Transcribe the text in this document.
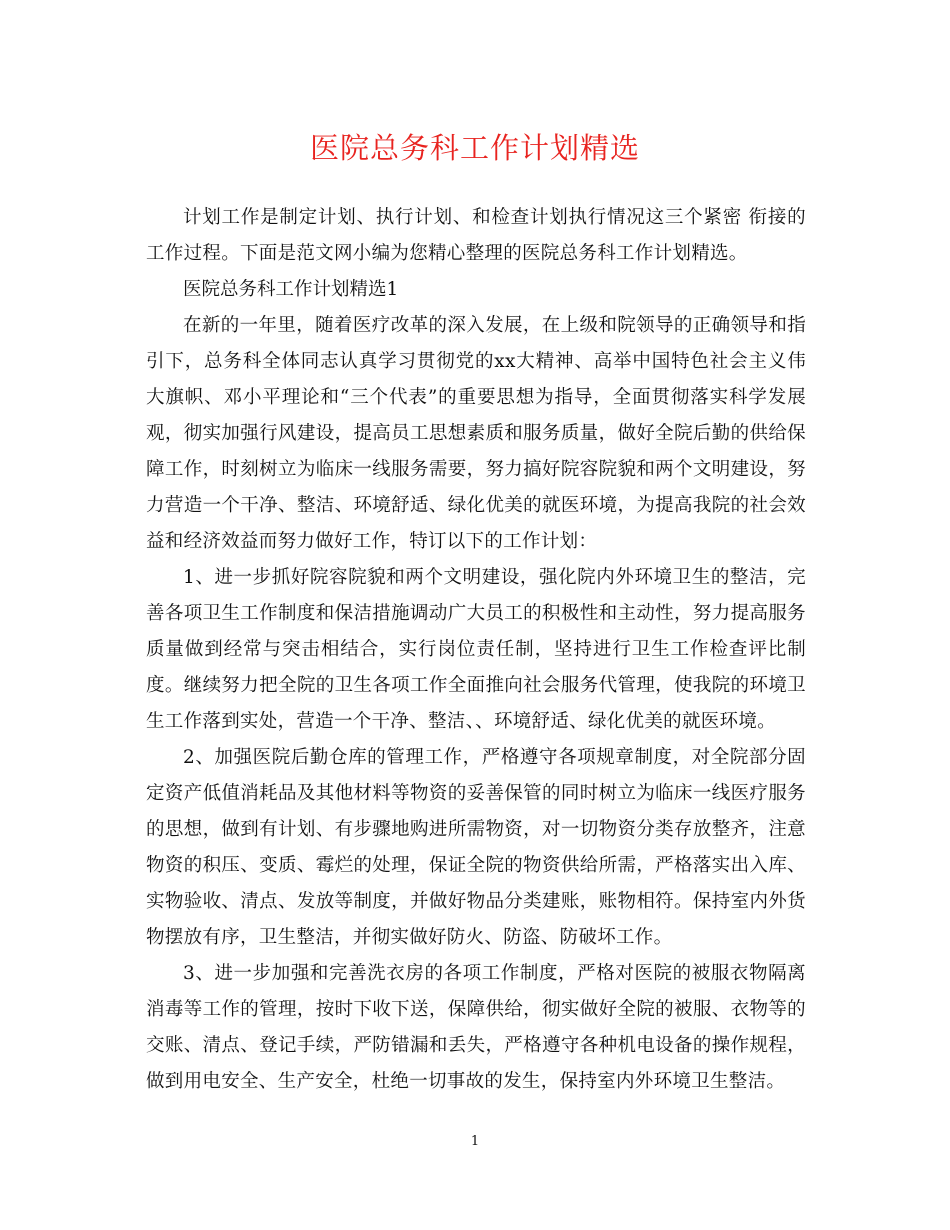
医院总务科工作计划精选

计划工作是制定计划、执行计划、和检查计划执行情况这三个紧密 衔接的工作过程。下面是范文网小编为您精心整理的医院总务科工作计划精选。

医院总务科工作计划精选1

在新的一年里，随着医疗改革的深入发展，在上级和院领导的正确领导和指引下，总务科全体同志认真学习贯彻党的xx大精神、高举中国特色社会主义伟大旗帜、邓小平理论和“三个代表”的重要思想为指导，全面贯彻落实科学发展观，彻实加强行风建设，提高员工思想素质和服务质量，做好全院后勤的供给保障工作，时刻树立为临床一线服务需要，努力搞好院容院貌和两个文明建设，努力营造一个干净、整洁、环境舒适、绿化优美的就医环境，为提高我院的社会效益和经济效益而努力做好工作，特订以下的工作计划：

1、进一步抓好院容院貌和两个文明建设，强化院内外环境卫生的整洁，完善各项卫生工作制度和保洁措施调动广大员工的积极性和主动性，努力提高服务质量做到经常与突击相结合，实行岗位责任制，坚持进行卫生工作检查评比制度。继续努力把全院的卫生各项工作全面推向社会服务代管理，使我院的环境卫生工作落到实处，营造一个干净、整洁、、环境舒适、绿化优美的就医环境。

2、加强医院后勤仓库的管理工作，严格遵守各项规章制度，对全院部分固定资产低值消耗品及其他材料等物资的妥善保管的同时树立为临床一线医疗服务的思想，做到有计划、有步骤地购进所需物资，对一切物资分类存放整齐，注意物资的积压、变质、霉烂的处理，保证全院的物资供给所需，严格落实出入库、实物验收、清点、发放等制度，并做好物品分类建账，账物相符。保持室内外货物摆放有序，卫生整洁，并彻实做好防火、防盗、防破坏工作。

3、进一步加强和完善洗衣房的各项工作制度，严格对医院的被服衣物隔离消毒等工作的管理，按时下收下送，保障供给，彻实做好全院的被服、衣物等的交账、清点、登记手续，严防错漏和丢失，严格遵守各种机电设备的操作规程，做到用电安全、生产安全，杜绝一切事故的发生，保持室内外环境卫生整洁。

1
